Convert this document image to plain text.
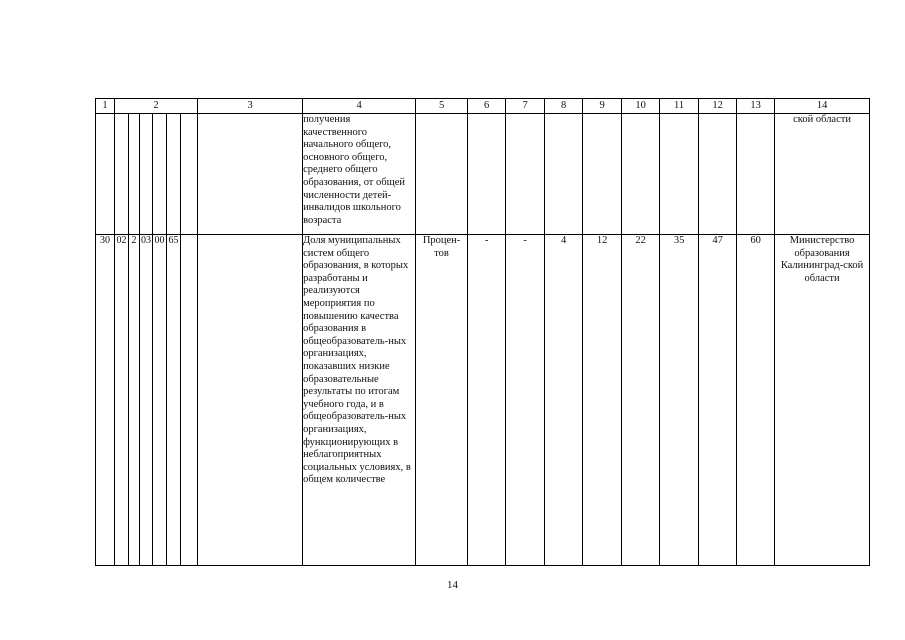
1	2						3	4	5	6	7	8	9	10	11	12	13	14
								получения качественного начального общего, основного общего, среднего общего образования, от общей численности детей-инвалидов школьного возраста										ской области
30	02	2	03	00	65			Доля муниципальных систем общего образования, в которых разработаны и реализуются мероприятия по повышению качества образования в общеобразователь-ных организациях, показавших низкие образовательные результаты по итогам учебного года, и в общеобразователь-ных организациях, функционирующих в неблагоприятных социальных условиях, в общем количестве	Процен-тов	-	-	4	12	22	35	47	60	Министерство образования Калининград-ской области
14
